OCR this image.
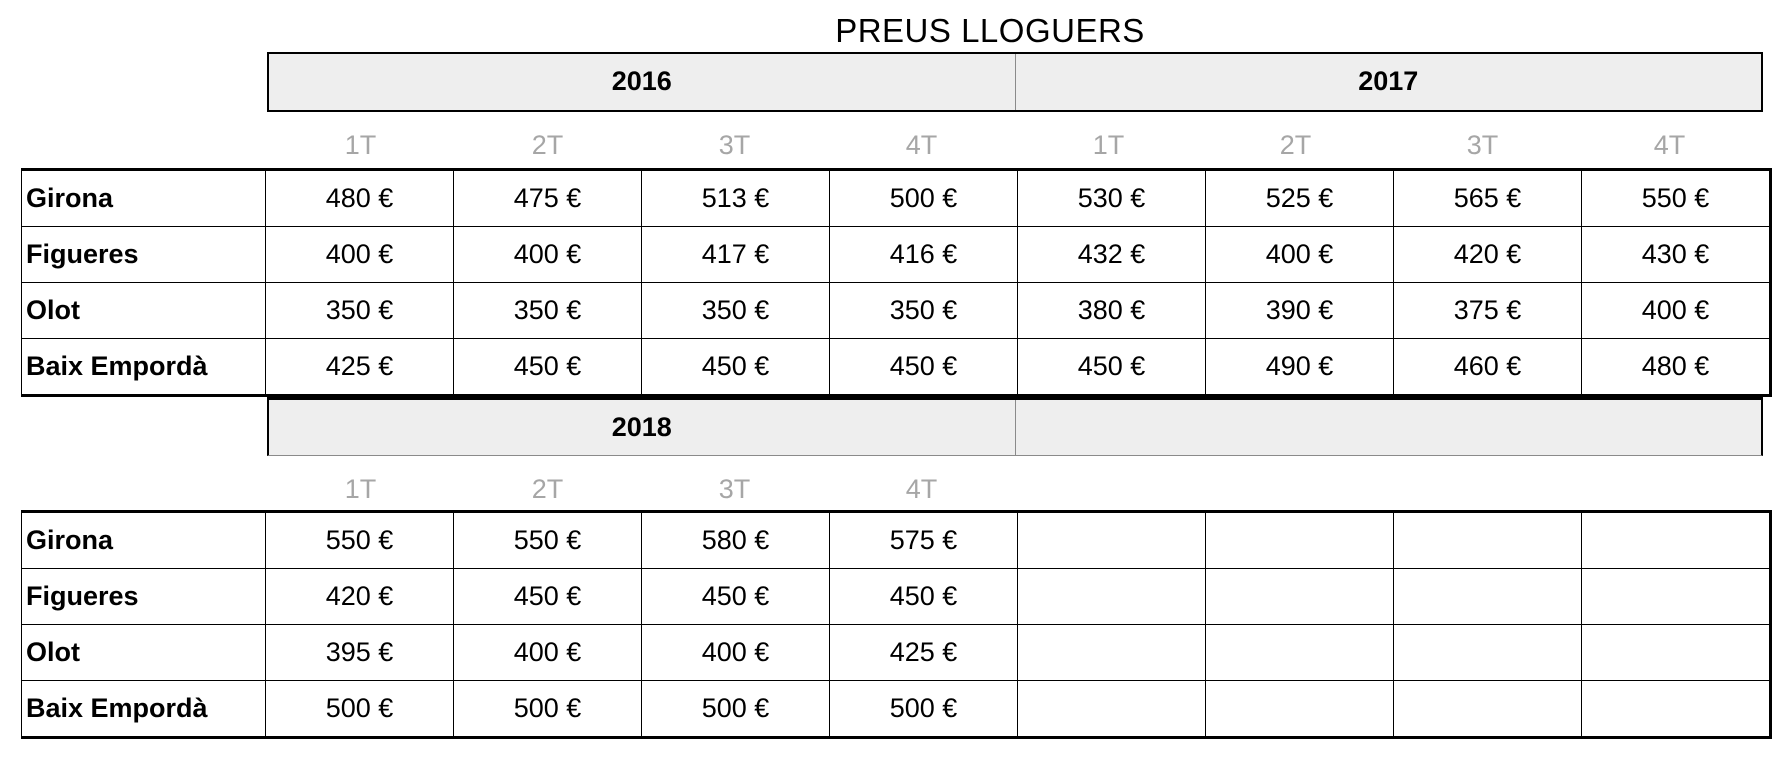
PREUS LLOGUERS
2016	2017
1T	2T	3T	4T	1T	2T	3T	4T
Girona	480 €	475 €	513 €	500 €	530 €	525 €	565 €	550 €
Figueres	400 €	400 €	417 €	416 €	432 €	400 €	420 €	430 €
Olot	350 €	350 €	350 €	350 €	380 €	390 €	375 €	400 €
Baix Empordà	425 €	450 €	450 €	450 €	450 €	490 €	460 €	480 €
2018
1T	2T	3T	4T
Girona	550 €	550 €	580 €	575 €				
Figueres	420 €	450 €	450 €	450 €				
Olot	395 €	400 €	400 €	425 €				
Baix Empordà	500 €	500 €	500 €	500 €				
